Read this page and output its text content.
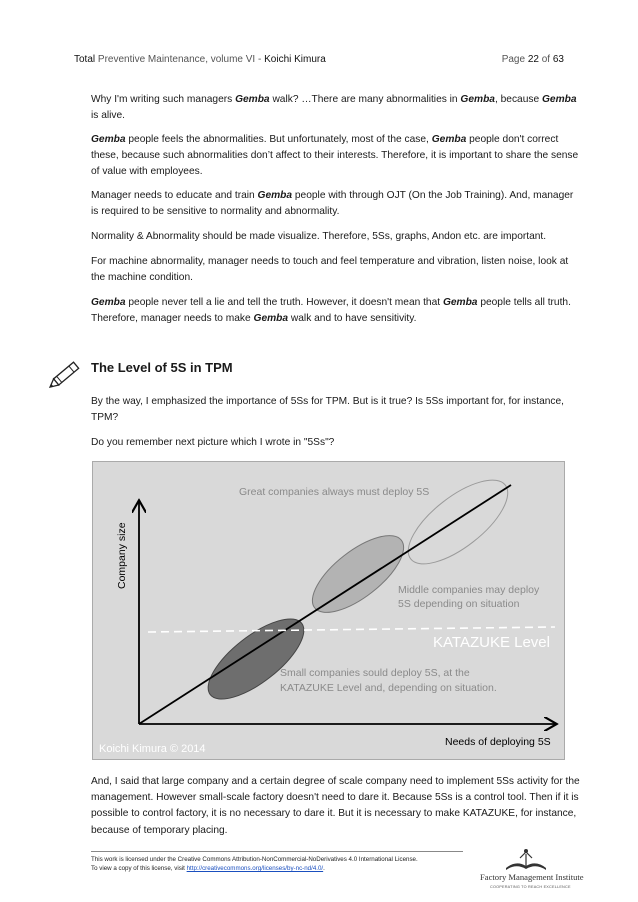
Total Preventive Maintenance, volume VI - Koichi Kimura	Page 22 of 63

Why I'm writing such managers Gemba walk? …There are many abnormalities in Gemba, because Gemba is alive.

Gemba people feels the abnormalities. But unfortunately, most of the case, Gemba people don't correct these, because such abnormalities don’t affect to their interests. Therefore, it is important to share the sense of value with employees.

Manager needs to educate and train Gemba people with through OJT (On the Job Training). And, manager is required to be sensitive to normality and abnormality.

Normality & Abnormality should be made visualize. Therefore, 5Ss, graphs, Andon etc. are important.

For machine abnormality, manager needs to touch and feel temperature and vibration, listen noise, look at the machine condition.

Gemba people never tell a lie and tell the truth. However, it doesn't mean that Gemba people tells all truth. Therefore, manager needs to make Gemba walk and to have sensitivity.

The Level of 5S in TPM

By the way, I emphasized the importance of 5Ss for TPM. But is it true? Is 5Ss important for, for instance, TPM?

Do you remember next picture which I wrote in "5Ss"?

Great companies always must deploy 5S
Middle companies may deploy
5S depending on situation
KATAZUKE Level
Small companies sould deploy 5S, at the
KATAZUKE Level and, depending on situation.
Needs of deploying 5S
Company size
Koichi Kimura © 2014

And, I said that large company and a certain degree of scale company need to implement 5Ss activity for the management. However small-scale factory doesn't need to dare it. Because 5Ss is a control tool. Then if it is possible to control factory, it is no necessary to dare it. But it is necessary to make KATAZUKE, for instance, because of temporary placing.

This work is licensed under the Creative Commons Attribution-NonCommercial-NoDerivatives 4.0 International License.
To view a copy of this license, visit http://creativecommons.org/licenses/by-nc-nd/4.0/.
Factory Management Institute
COOPERATING TO REACH EXCELLENCE
